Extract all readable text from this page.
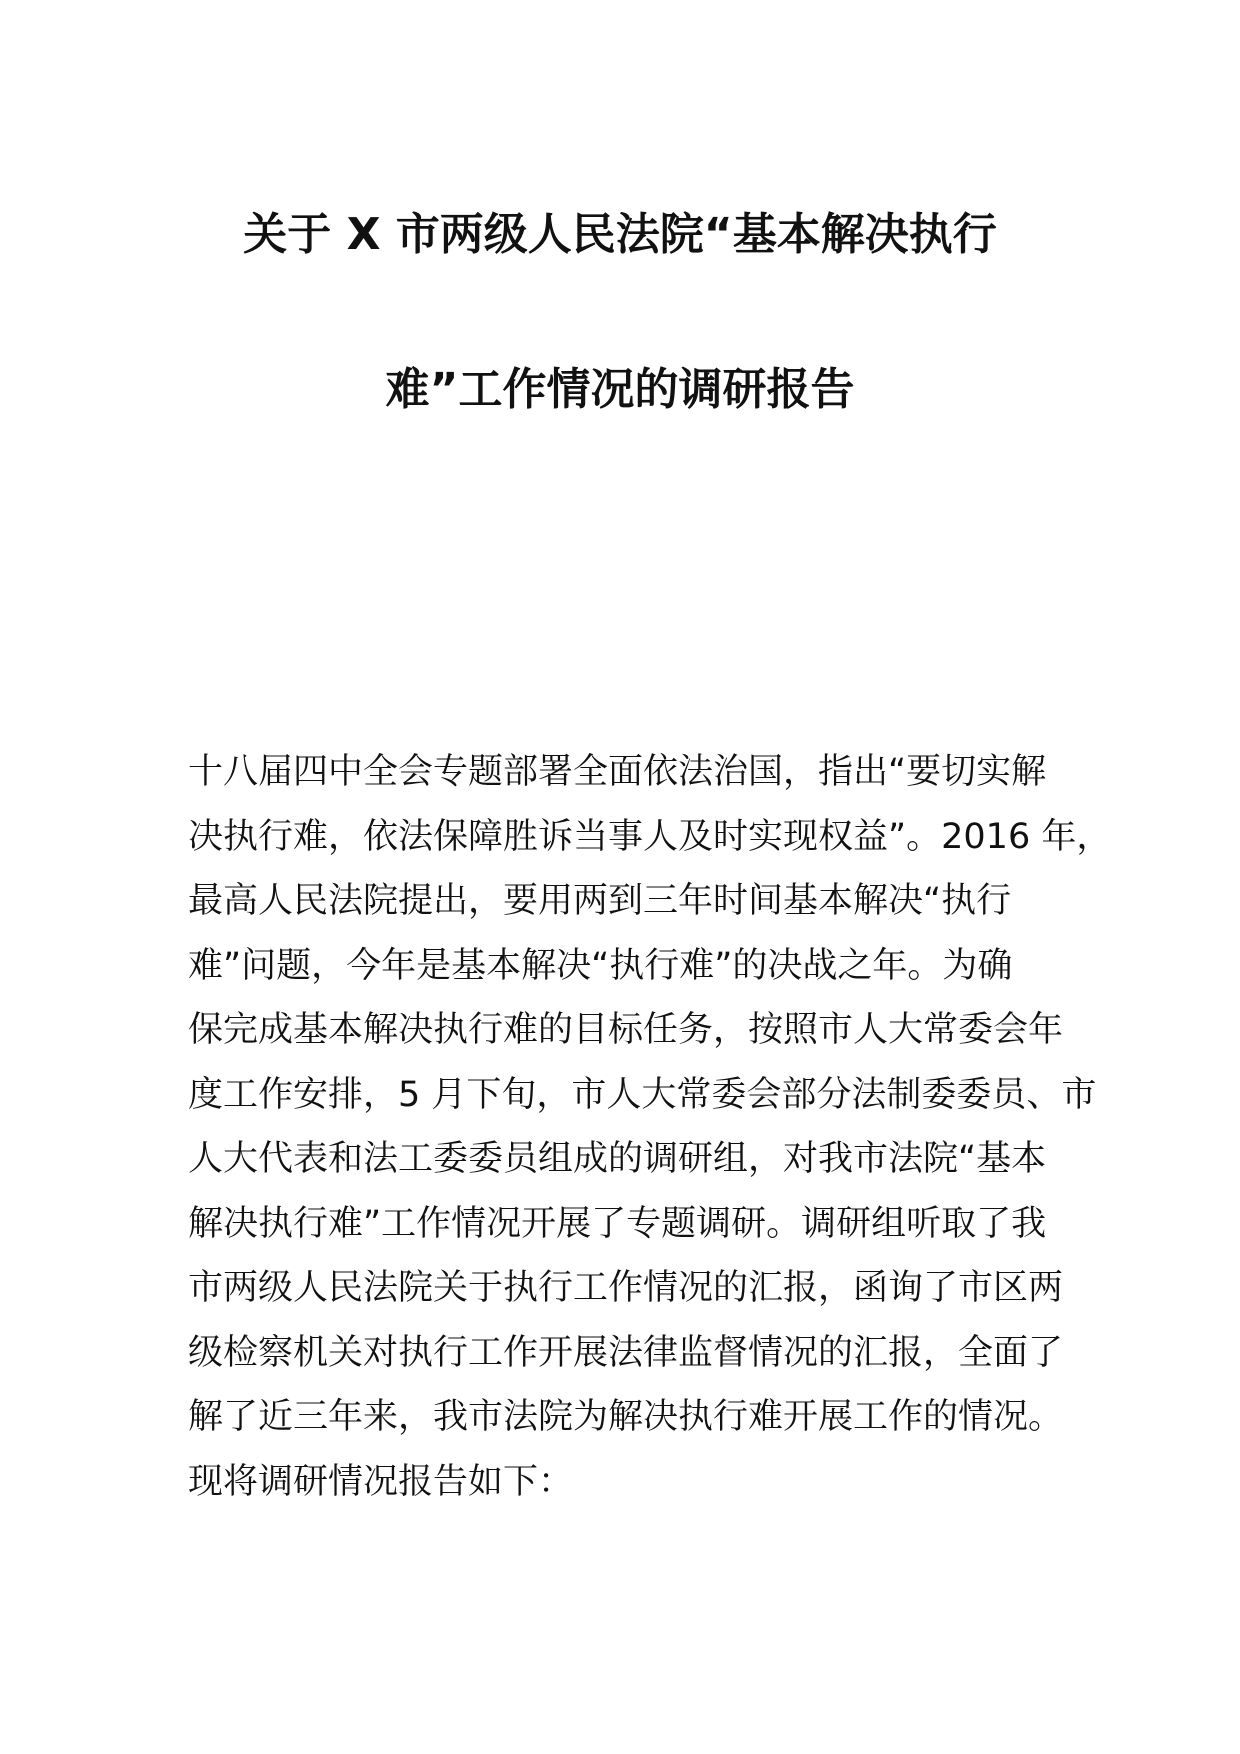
关于 X 市两级人民法院“基本解决执行
难”工作情况的调研报告
十八届四中全会专题部署全面依法治国，指出“要切实解
决执行难，依法保障胜诉当事人及时实现权益”。2016 年，
最高人民法院提出，要用两到三年时间基本解决“执行
难”问题，今年是基本解决“执行难”的决战之年。为确
保完成基本解决执行难的目标任务，按照市人大常委会年
度工作安排，5 月下旬，市人大常委会部分法制委委员、市
人大代表和法工委委员组成的调研组，对我市法院“基本
解决执行难”工作情况开展了专题调研。调研组听取了我
市两级人民法院关于执行工作情况的汇报，函询了市区两
级检察机关对执行工作开展法律监督情况的汇报，全面了
解了近三年来，我市法院为解决执行难开展工作的情况。
现将调研情况报告如下：
